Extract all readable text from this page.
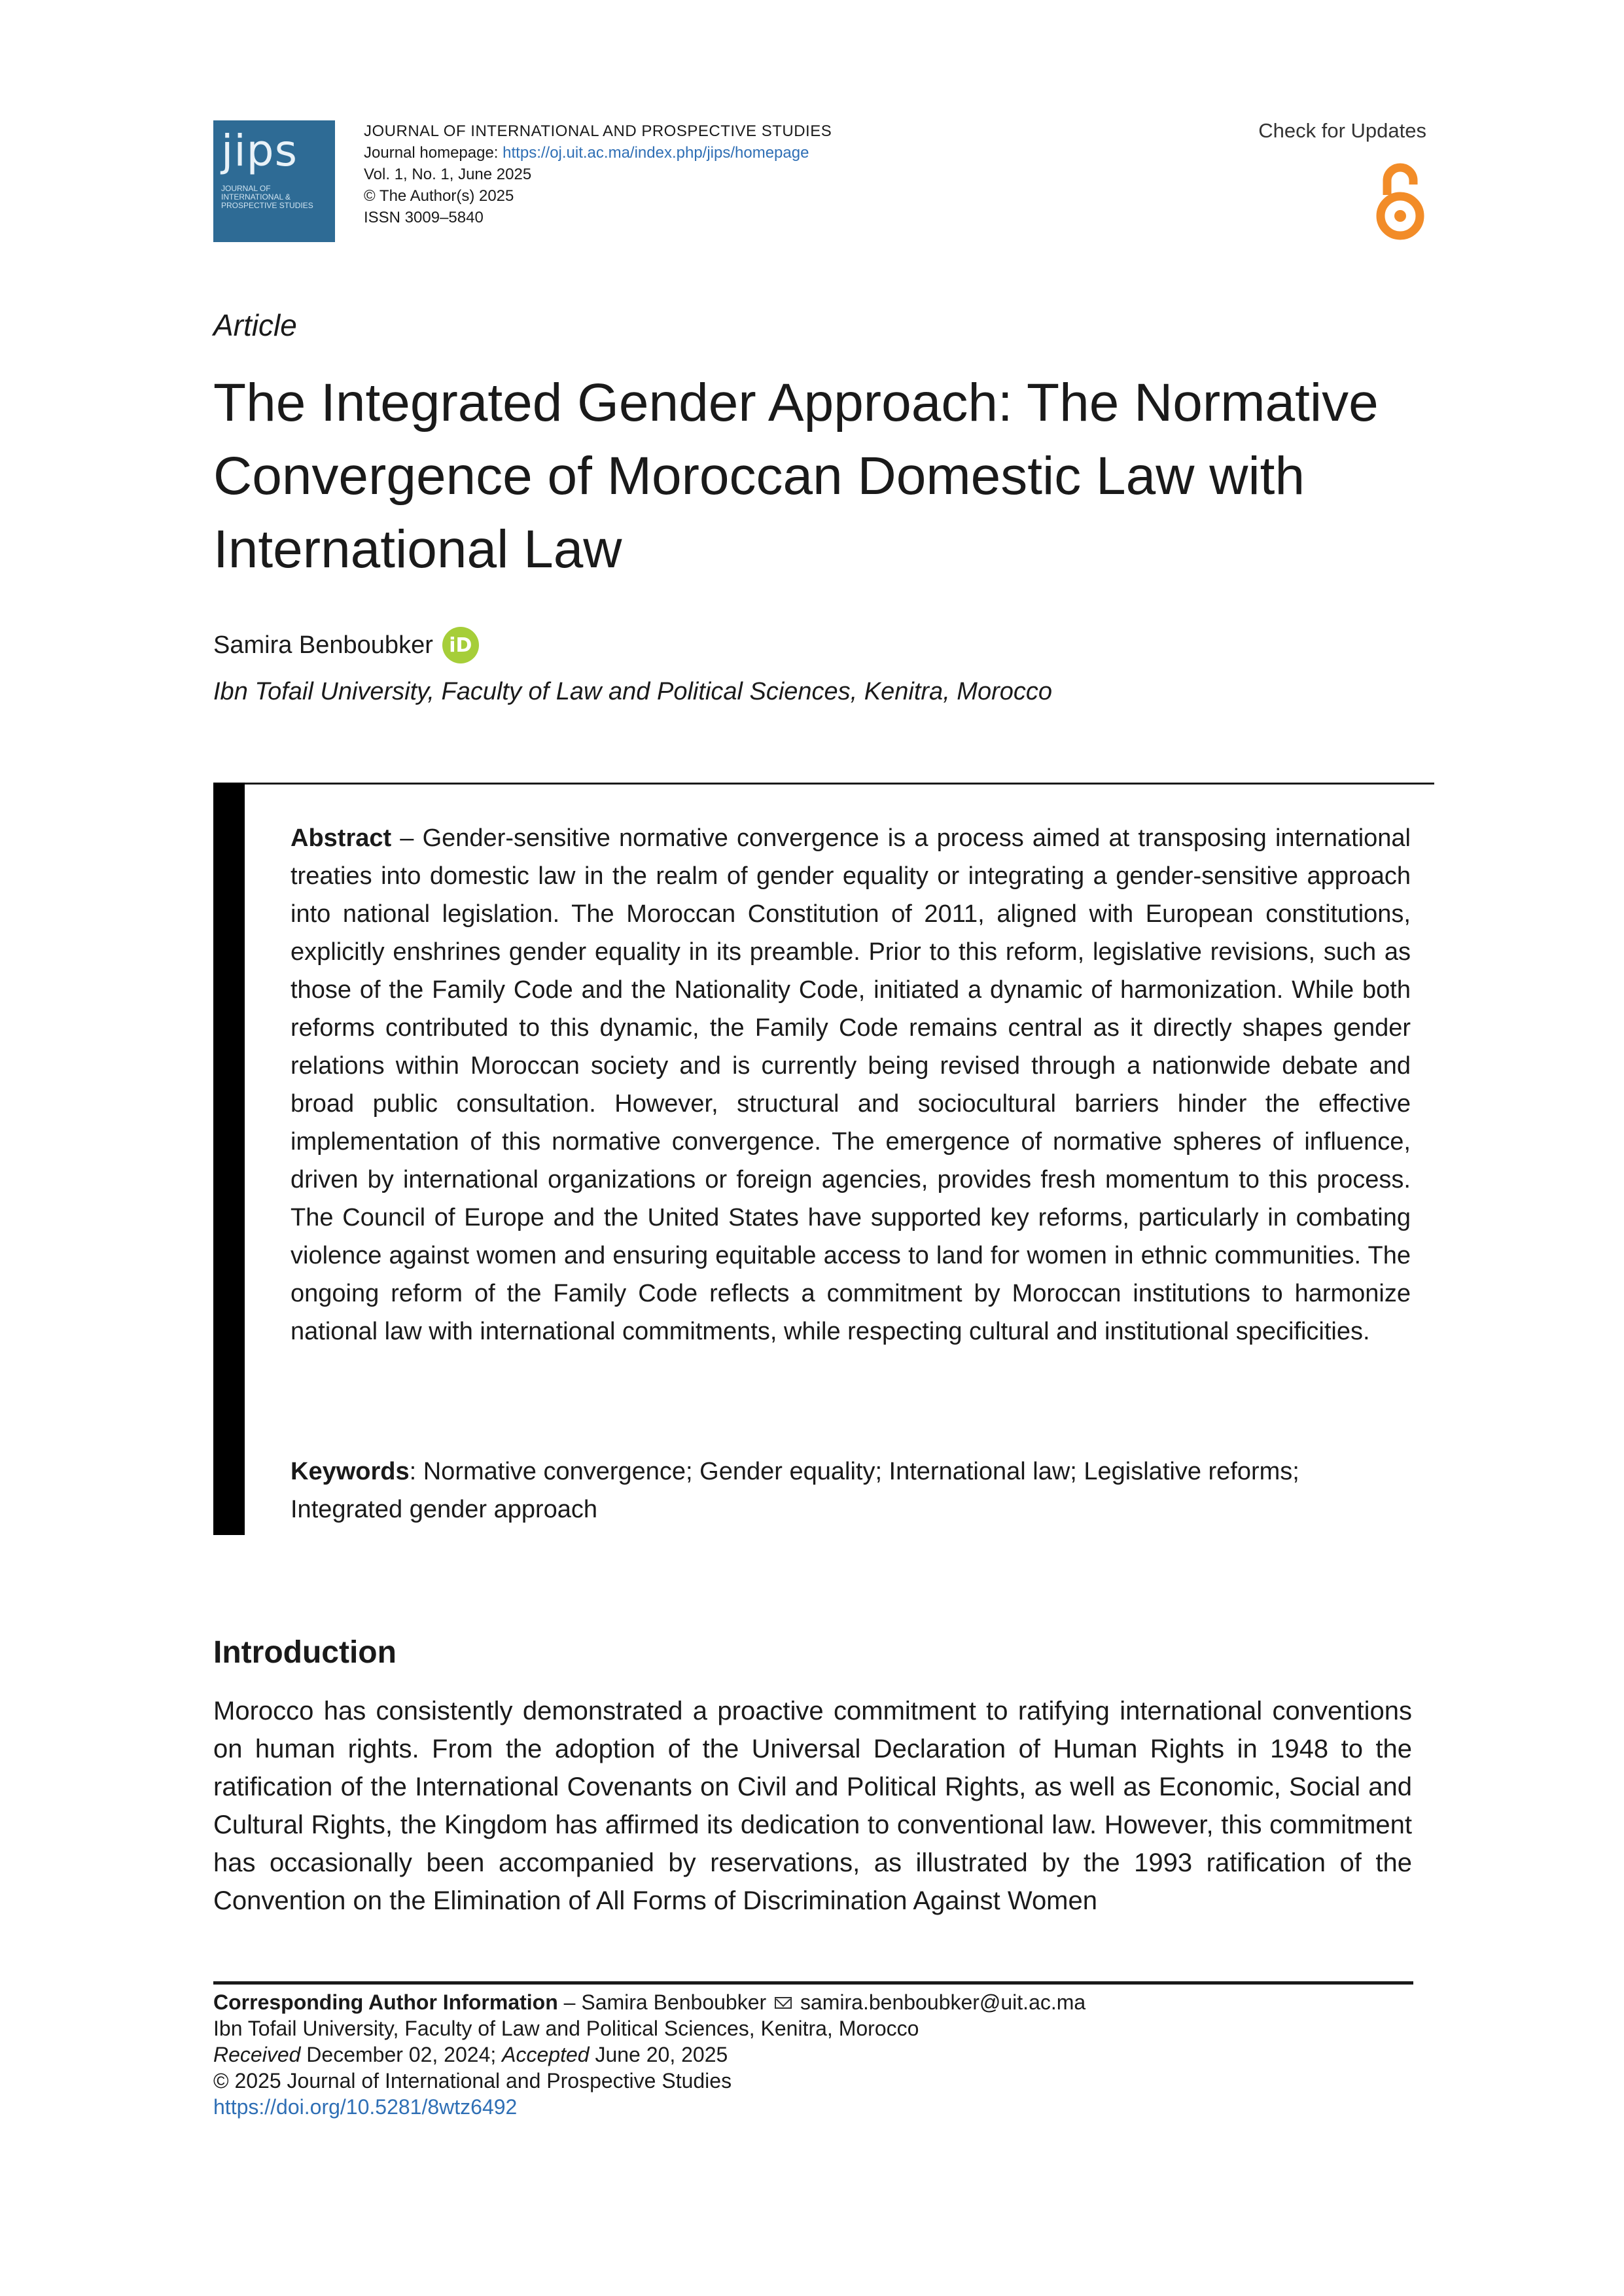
jips
JOURNAL OF INTERNATIONAL & PROSPECTIVE STUDIES
JOURNAL OF INTERNATIONAL AND PROSPECTIVE STUDIES
Journal homepage: https://oj.uit.ac.ma/index.php/jips/homepage
Vol. 1, No. 1, June 2025
© The Author(s) 2025
ISSN 3009–5840
Check for Updates
Article
The Integrated Gender Approach: The Normative Convergence of Moroccan Domestic Law with International Law
Samira Benboubker iD
Ibn Tofail University, Faculty of Law and Political Sciences, Kenitra, Morocco

Abstract – Gender-sensitive normative convergence is a process aimed at transposing international treaties into domestic law in the realm of gender equality or integrating a gender-sensitive approach into national legislation. The Moroccan Constitution of 2011, aligned with European constitutions, explicitly enshrines gender equality in its preamble. Prior to this reform, legislative revisions, such as those of the Family Code and the Nationality Code, initiated a dynamic of harmonization. While both reforms contributed to this dynamic, the Family Code remains central as it directly shapes gender relations within Moroccan society and is currently being revised through a nationwide debate and broad public consultation. However, structural and sociocultural barriers hinder the effective implementation of this normative convergence. The emergence of normative spheres of influence, driven by international organizations or foreign agencies, provides fresh momentum to this process. The Council of Europe and the United States have supported key reforms, particularly in combating violence against women and ensuring equitable access to land for women in ethnic communities. The ongoing reform of the Family Code reflects a commitment by Moroccan institutions to harmonize national law with international commitments, while respecting cultural and institutional specificities.

Keywords: Normative convergence; Gender equality; International law; Legislative reforms; Integrated gender approach

Introduction

Morocco has consistently demonstrated a proactive commitment to ratifying international conventions on human rights. From the adoption of the Universal Declaration of Human Rights in 1948 to the ratification of the International Covenants on Civil and Political Rights, as well as Economic, Social and Cultural Rights, the Kingdom has affirmed its dedication to conventional law. However, this commitment has occasionally been accompanied by reservations, as illustrated by the 1993 ratification of the Convention on the Elimination of All Forms of Discrimination Against Women

Corresponding Author Information – Samira Benboubker  samira.benboubker@uit.ac.ma
Ibn Tofail University, Faculty of Law and Political Sciences, Kenitra, Morocco
Received December 02, 2024; Accepted June 20, 2025
© 2025 Journal of International and Prospective Studies
https://doi.org/10.5281/8wtz6492
